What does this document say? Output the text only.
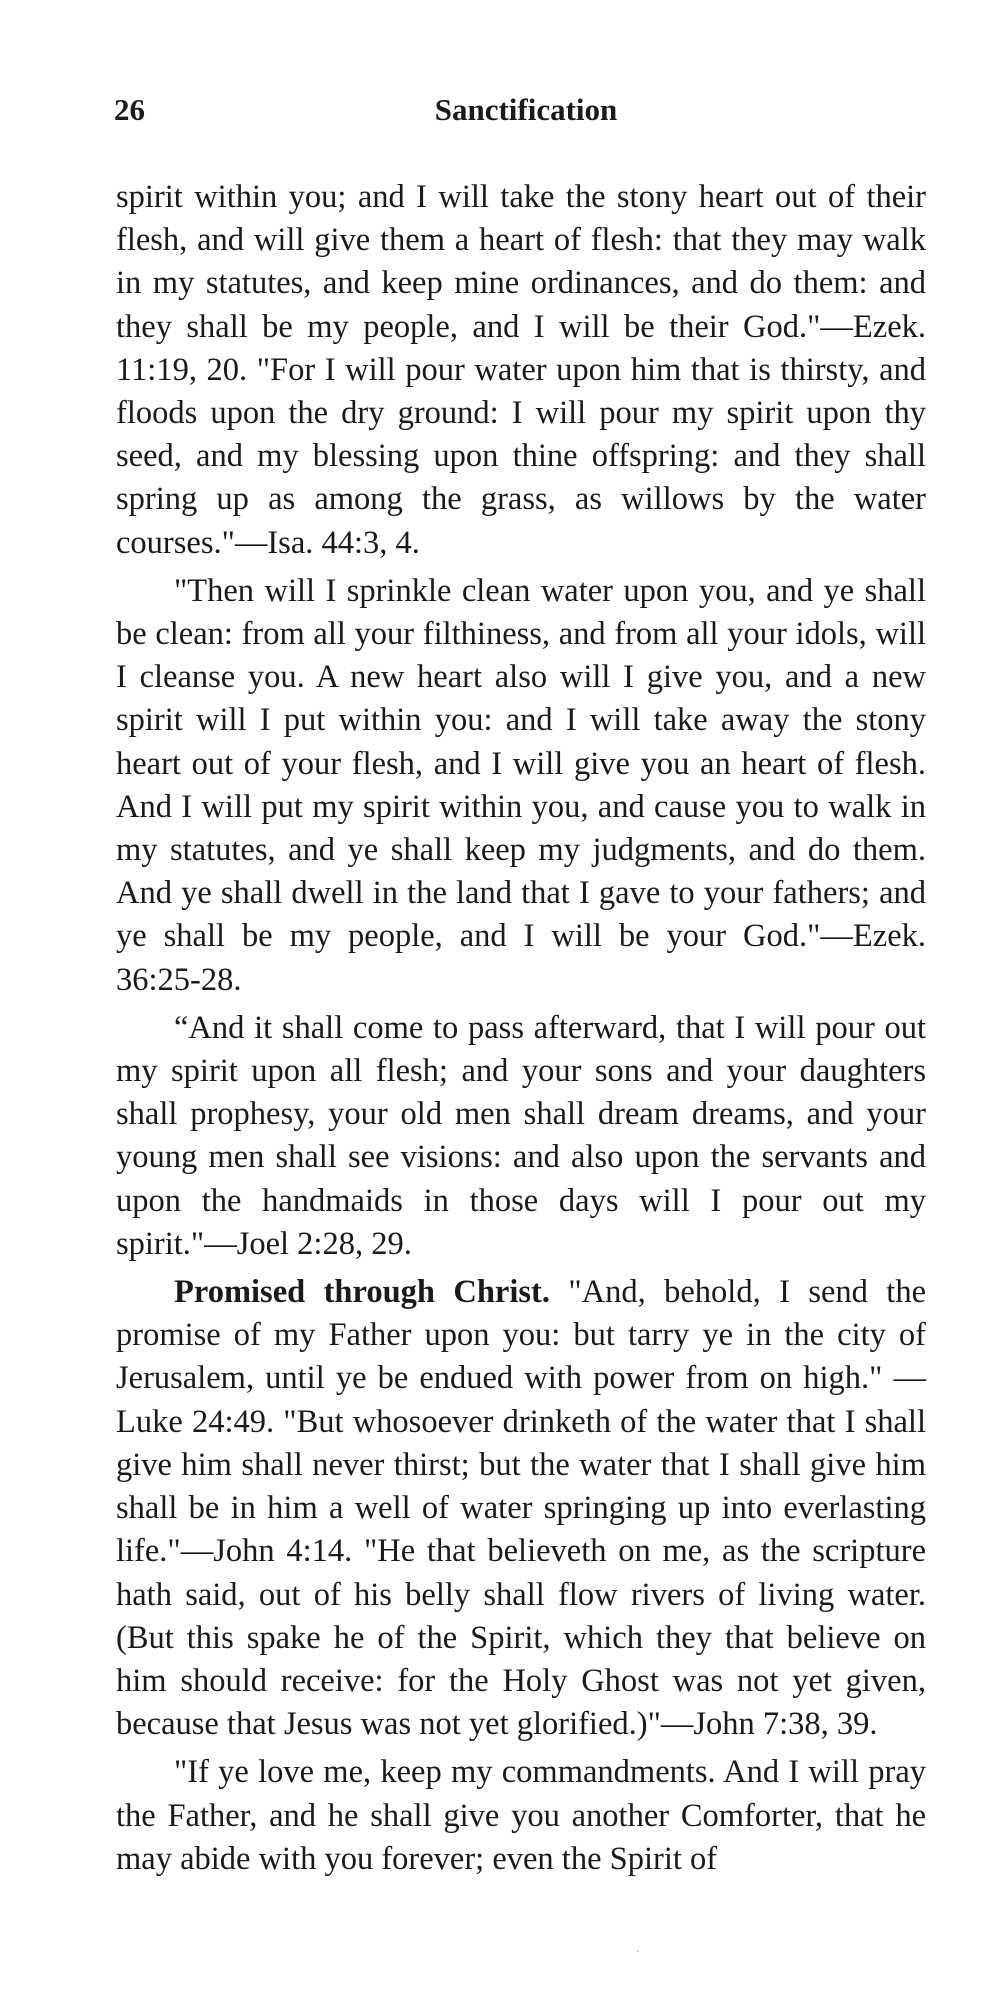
26	Sanctification

spirit within you; and I will take the stony heart out of their flesh, and will give them a heart of flesh: that they may walk in my statutes, and keep mine ordinances, and do them: and they shall be my people, and I will be their God."—Ezek. 11:19, 20. "For I will pour water upon him that is thirsty, and floods upon the dry ground: I will pour my spirit upon thy seed, and my blessing upon thine offspring: and they shall spring up as among the grass, as willows by the water courses."—Isa. 44:3, 4.

"Then will I sprinkle clean water upon you, and ye shall be clean: from all your filthiness, and from all your idols, will I cleanse you. A new heart also will I give you, and a new spirit will I put within you: and I will take away the stony heart out of your flesh, and I will give you an heart of flesh. And I will put my spirit within you, and cause you to walk in my statutes, and ye shall keep my judgments, and do them. And ye shall dwell in the land that I gave to your fathers; and ye shall be my people, and I will be your God."—Ezek. 36:25-28.

“And it shall come to pass afterward, that I will pour out my spirit upon all flesh; and your sons and your daughters shall prophesy, your old men shall dream dreams, and your young men shall see visions: and also upon the servants and upon the handmaids in those days will I pour out my spirit."—Joel 2:28, 29.

Promised through Christ. "And, behold, I send the promise of my Father upon you: but tarry ye in the city of Jerusalem, until ye be endued with power from on high." —Luke 24:49. "But whosoever drinketh of the water that I shall give him shall never thirst; but the water that I shall give him shall be in him a well of water springing up into everlasting life."—John 4:14. "He that believeth on me, as the scripture hath said, out of his belly shall flow rivers of living water. (But this spake he of the Spirit, which they that believe on him should receive: for the Holy Ghost was not yet given, because that Jesus was not yet glorified.)"—John 7:38, 39.

"If ye love me, keep my commandments. And I will pray the Father, and he shall give you another Comforter, that he may abide with you forever; even the Spirit of
